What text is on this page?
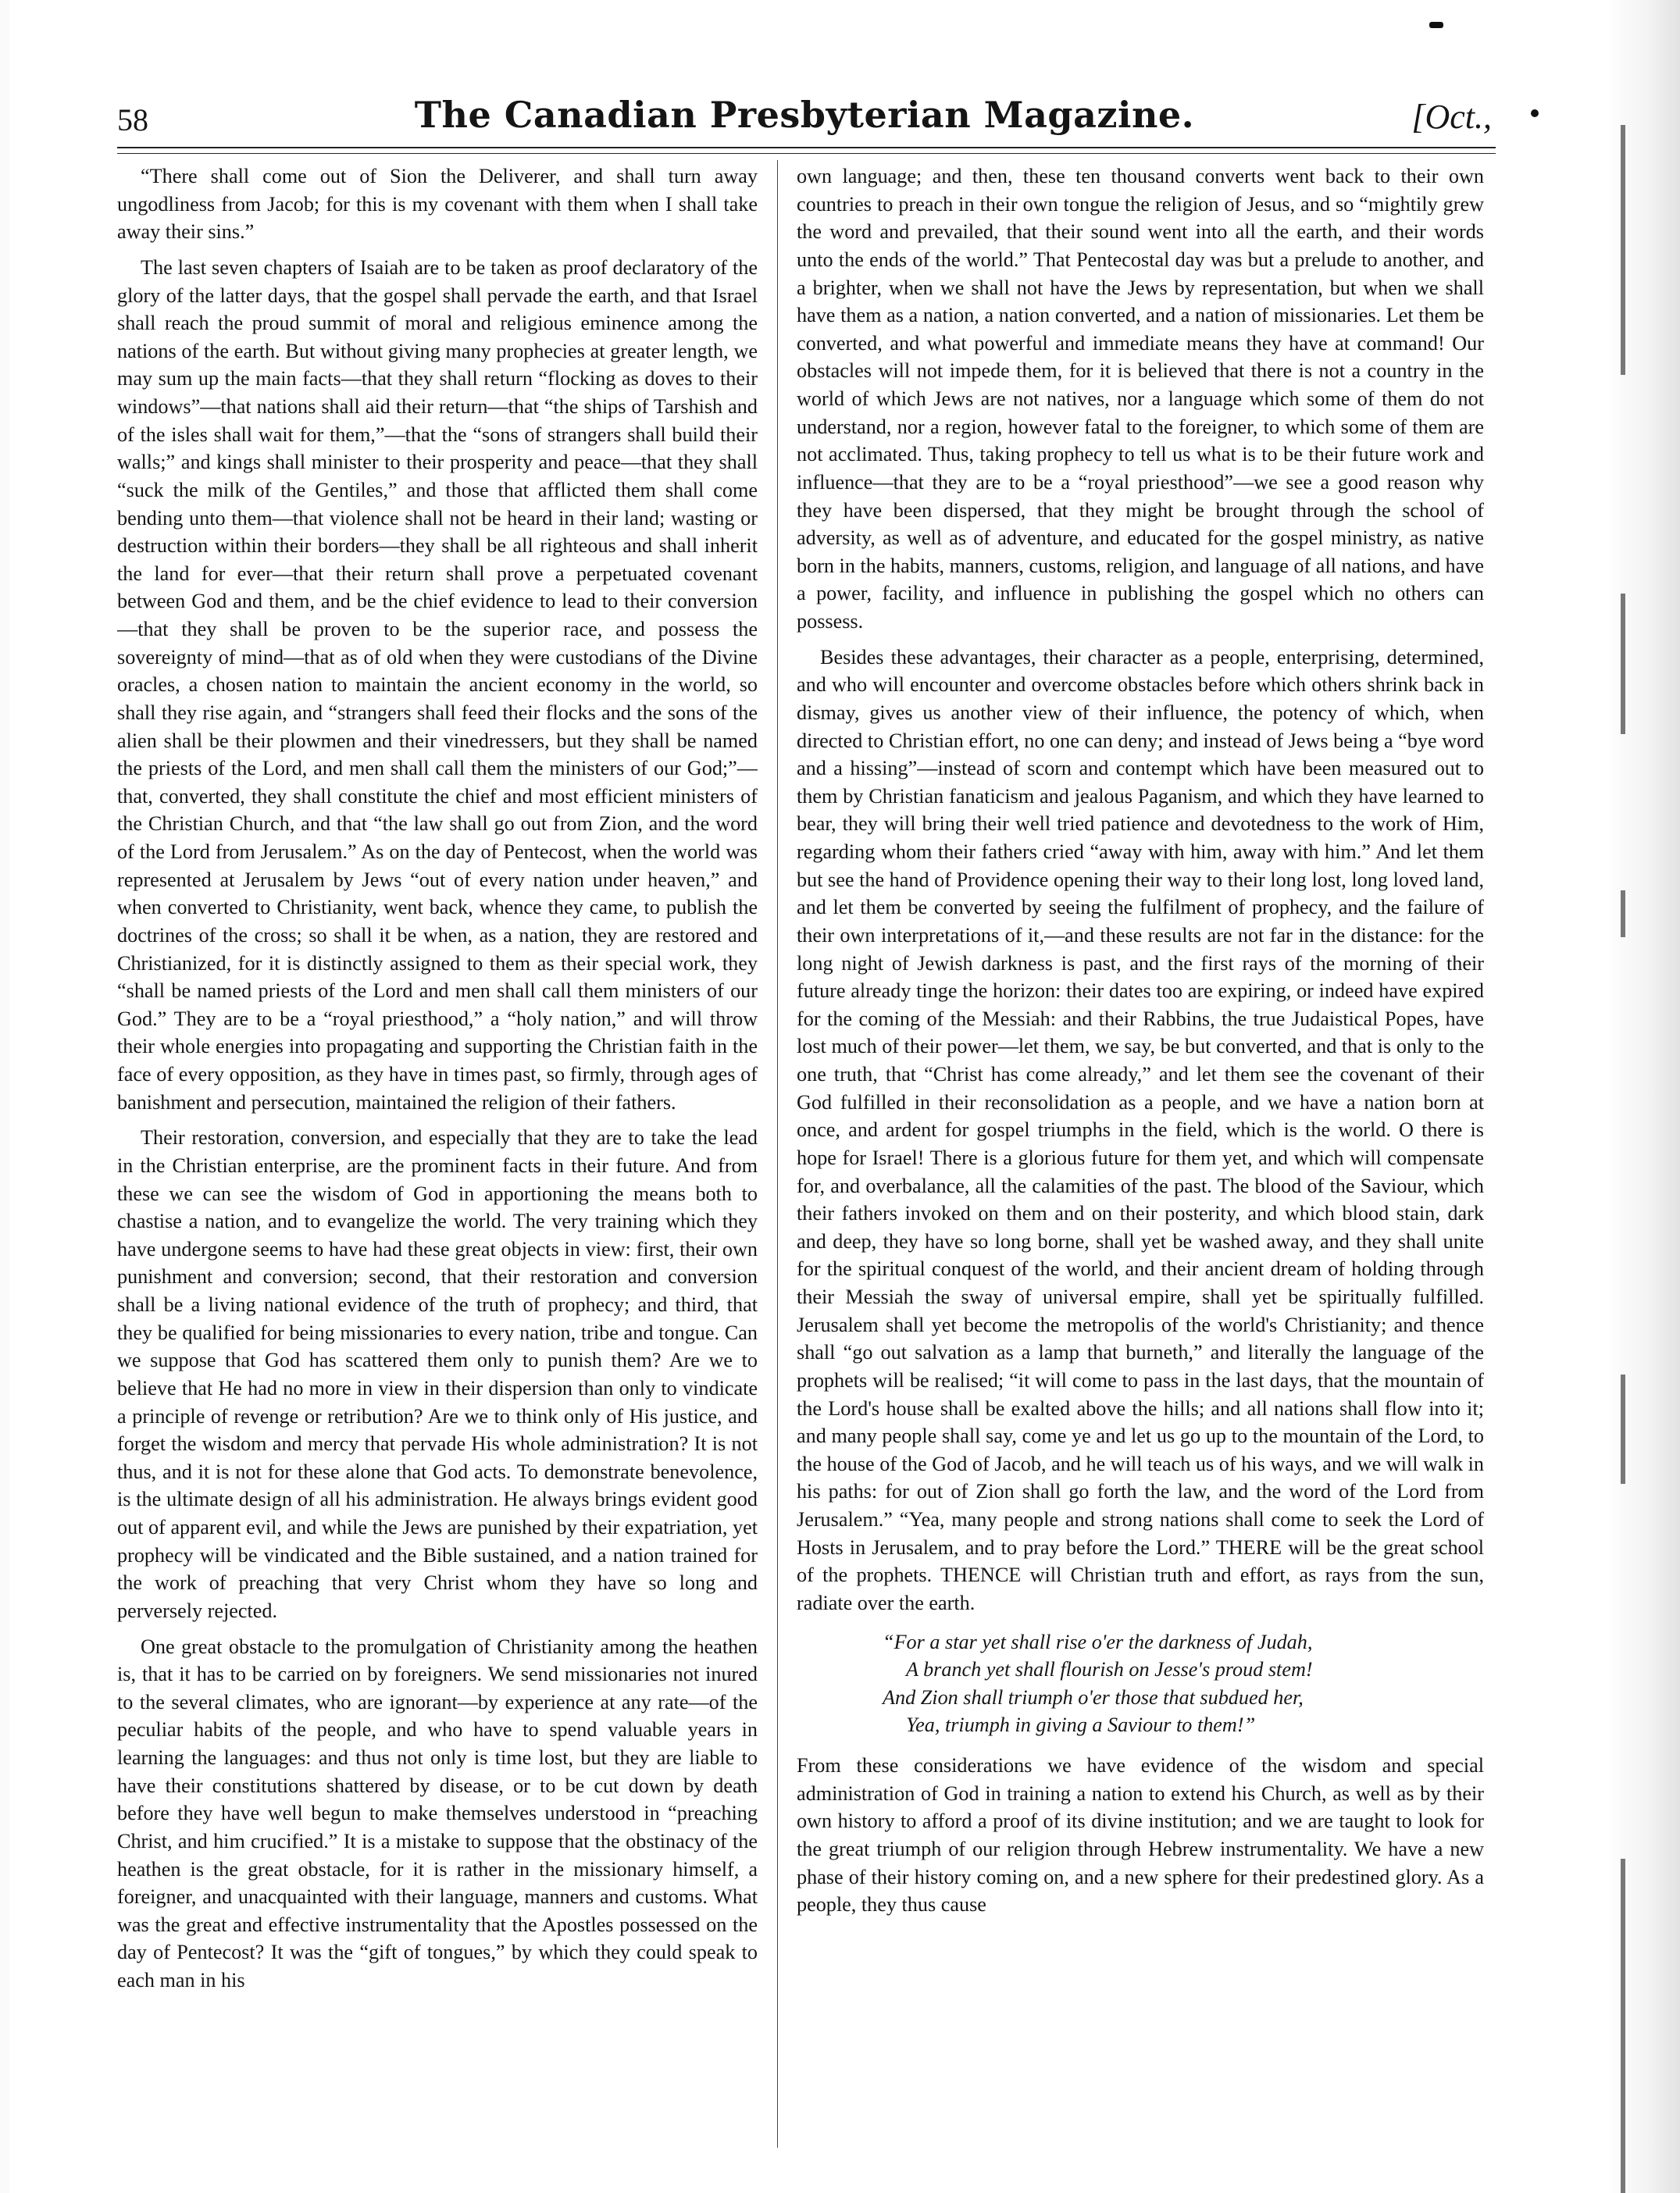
58	The Canadian Presbyterian Magazine.	[Oct.,

“There shall come out of Sion the Deliverer, and shall turn away ungodliness from Jacob; for this is my covenant with them when I shall take away their sins.”

The last seven chapters of Isaiah are to be taken as proof declaratory of the glory of the latter days, that the gospel shall pervade the earth, and that Israel shall reach the proud summit of moral and religious eminence among the nations of the earth. But without giving many prophecies at greater length, we may sum up the main facts—that they shall return “flocking as doves to their windows”—that nations shall aid their return—that “the ships of Tarshish and of the isles shall wait for them,”—that the “sons of strangers shall build their walls;” and kings shall minister to their prosperity and peace—that they shall “suck the milk of the Gentiles,” and those that afflicted them shall come bending unto them—that violence shall not be heard in their land; wasting or destruction within their borders—they shall be all righteous and shall inherit the land for ever—that their return shall prove a perpetuated covenant between God and them, and be the chief evidence to lead to their conversion—that they shall be proven to be the superior race, and possess the sovereignty of mind—that as of old when they were custodians of the Divine oracles, a chosen nation to maintain the ancient economy in the world, so shall they rise again, and “strangers shall feed their flocks and the sons of the alien shall be their plowmen and their vinedressers, but they shall be named the priests of the Lord, and men shall call them the ministers of our God;”—that, converted, they shall constitute the chief and most efficient ministers of the Christian Church, and that “the law shall go out from Zion, and the word of the Lord from Jerusalem.” As on the day of Pentecost, when the world was represented at Jerusalem by Jews “out of every nation under heaven,” and when converted to Christianity, went back, whence they came, to publish the doctrines of the cross; so shall it be when, as a nation, they are restored and Christianized, for it is distinctly assigned to them as their special work, they “shall be named priests of the Lord and men shall call them ministers of our God.” They are to be a “royal priesthood,” a “holy nation,” and will throw their whole energies into propagating and supporting the Christian faith in the face of every opposition, as they have in times past, so firmly, through ages of banishment and persecution, maintained the religion of their fathers.

Their restoration, conversion, and especially that they are to take the lead in the Christian enterprise, are the prominent facts in their future. And from these we can see the wisdom of God in apportioning the means both to chastise a nation, and to evangelize the world. The very training which they have undergone seems to have had these great objects in view: first, their own punishment and conversion; second, that their restoration and conversion shall be a living national evidence of the truth of prophecy; and third, that they be qualified for being missionaries to every nation, tribe and tongue. Can we suppose that God has scattered them only to punish them? Are we to believe that He had no more in view in their dispersion than only to vindicate a principle of revenge or retribution? Are we to think only of His justice, and forget the wisdom and mercy that pervade His whole administration? It is not thus, and it is not for these alone that God acts. To demonstrate benevolence, is the ultimate design of all his administration. He always brings evident good out of apparent evil, and while the Jews are punished by their expatriation, yet prophecy will be vindicated and the Bible sustained, and a nation trained for the work of preaching that very Christ whom they have so long and perversely rejected.

One great obstacle to the promulgation of Christianity among the heathen is, that it has to be carried on by foreigners. We send missionaries not inured to the several climates, who are ignorant—by experience at any rate—of the peculiar habits of the people, and who have to spend valuable years in learning the languages: and thus not only is time lost, but they are liable to have their constitutions shattered by disease, or to be cut down by death before they have well begun to make themselves understood in “preaching Christ, and him crucified.” It is a mistake to suppose that the obstinacy of the heathen is the great obstacle, for it is rather in the missionary himself, a foreigner, and unacquainted with their language, manners and customs. What was the great and effective instrumentality that the Apostles possessed on the day of Pentecost? It was the “gift of tongues,” by which they could speak to each man in his

own language; and then, these ten thousand converts went back to their own countries to preach in their own tongue the religion of Jesus, and so “mightily grew the word and prevailed, that their sound went into all the earth, and their words unto the ends of the world.” That Pentecostal day was but a prelude to another, and a brighter, when we shall not have the Jews by representation, but when we shall have them as a nation, a nation converted, and a nation of missionaries. Let them be converted, and what powerful and immediate means they have at command! Our obstacles will not impede them, for it is believed that there is not a country in the world of which Jews are not natives, nor a language which some of them do not understand, nor a region, however fatal to the foreigner, to which some of them are not acclimated. Thus, taking prophecy to tell us what is to be their future work and influence—that they are to be a “royal priesthood”—we see a good reason why they have been dispersed, that they might be brought through the school of adversity, as well as of adventure, and educated for the gospel ministry, as native born in the habits, manners, customs, religion, and language of all nations, and have a power, facility, and influence in publishing the gospel which no others can possess.

Besides these advantages, their character as a people, enterprising, determined, and who will encounter and overcome obstacles before which others shrink back in dismay, gives us another view of their influence, the potency of which, when directed to Christian effort, no one can deny; and instead of Jews being a “bye word and a hissing”—instead of scorn and contempt which have been measured out to them by Christian fanaticism and jealous Paganism, and which they have learned to bear, they will bring their well tried patience and devotedness to the work of Him, regarding whom their fathers cried “away with him, away with him.” And let them but see the hand of Providence opening their way to their long lost, long loved land, and let them be converted by seeing the fulfilment of prophecy, and the failure of their own interpretations of it,—and these results are not far in the distance: for the long night of Jewish darkness is past, and the first rays of the morning of their future already tinge the horizon: their dates too are expiring, or indeed have expired for the coming of the Messiah: and their Rabbins, the true Judaistical Popes, have lost much of their power—let them, we say, be but converted, and that is only to the one truth, that “Christ has come already,” and let them see the covenant of their God fulfilled in their reconsolidation as a people, and we have a nation born at once, and ardent for gospel triumphs in the field, which is the world. O there is hope for Israel! There is a glorious future for them yet, and which will compensate for, and overbalance, all the calamities of the past. The blood of the Saviour, which their fathers invoked on them and on their posterity, and which blood stain, dark and deep, they have so long borne, shall yet be washed away, and they shall unite for the spiritual conquest of the world, and their ancient dream of holding through their Messiah the sway of universal empire, shall yet be spiritually fulfilled. Jerusalem shall yet become the metropolis of the world's Christianity; and thence shall “go out salvation as a lamp that burneth,” and literally the language of the prophets will be realised; “it will come to pass in the last days, that the mountain of the Lord's house shall be exalted above the hills; and all nations shall flow into it; and many people shall say, come ye and let us go up to the mountain of the Lord, to the house of the God of Jacob, and he will teach us of his ways, and we will walk in his paths: for out of Zion shall go forth the law, and the word of the Lord from Jerusalem.” “Yea, many people and strong nations shall come to seek the Lord of Hosts in Jerusalem, and to pray before the Lord.” THERE will be the great school of the prophets. THENCE will Christian truth and effort, as rays from the sun, radiate over the earth.

“For a star yet shall rise o'er the darkness of Judah,
A branch yet shall flourish on Jesse's proud stem!
And Zion shall triumph o'er those that subdued her,
Yea, triumph in giving a Saviour to them!”

From these considerations we have evidence of the wisdom and special administration of God in training a nation to extend his Church, as well as by their own history to afford a proof of its divine institution; and we are taught to look for the great triumph of our religion through Hebrew instrumentality. We have a new phase of their history coming on, and a new sphere for their predestined glory. As a people, they thus cause
